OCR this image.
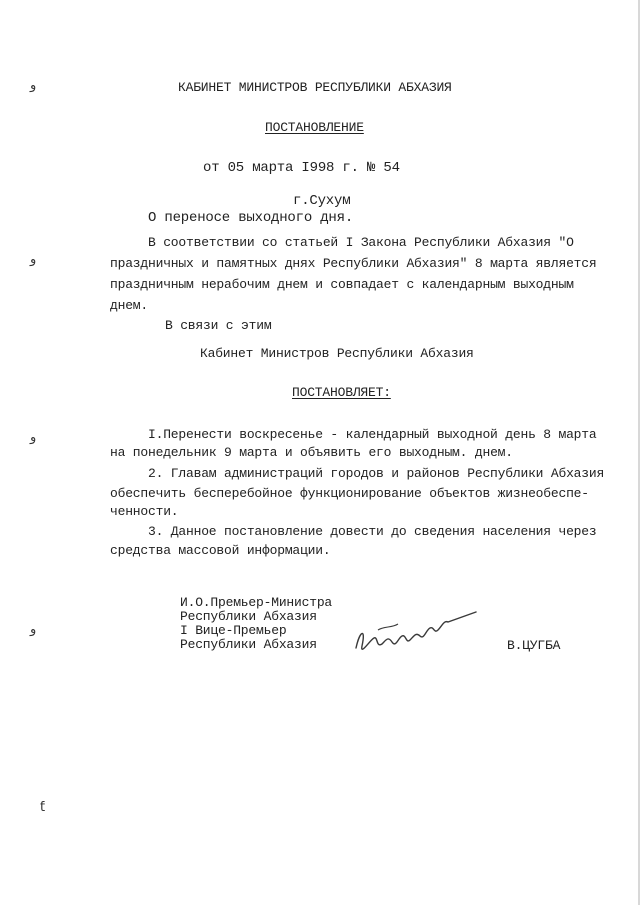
ﻭ
ﻭ
ﻭ
ﻭ
ƭ
КАБИНЕТ МИНИСТРОВ РЕСПУБЛИКИ АБХАЗИЯ
ПОСТАНОВЛЕНИЕ
от 05 марта I998 г. № 54
г.Сухум
О переносе выходного дня.
В соответствии со статьей I Закона Республики Абхазия "О
праздничных и памятных днях Республики Абхазия" 8 марта является
праздничным нерабочим днем и совпадает с календарным выходным
днем.
В связи с этим
Кабинет Министров Республики Абхазия
ПОСТАНОВЛЯЕТ:
I.Перенести воскресенье - календарный выходной день 8 марта
на понедельник 9 марта и объявить его выходным. днем.
2. Главам администраций городов и районов Республики Абхазия
обеспечить бесперебойное функционирование объектов жизнеобеспе-
ченности.
3. Данное постановление довести до сведения населения через
средства массовой информации.
И.О.Премьер-Министра
Республики Абхазия
I Вице-Премьер
Республики Абхазия	В.ЦУГБА
